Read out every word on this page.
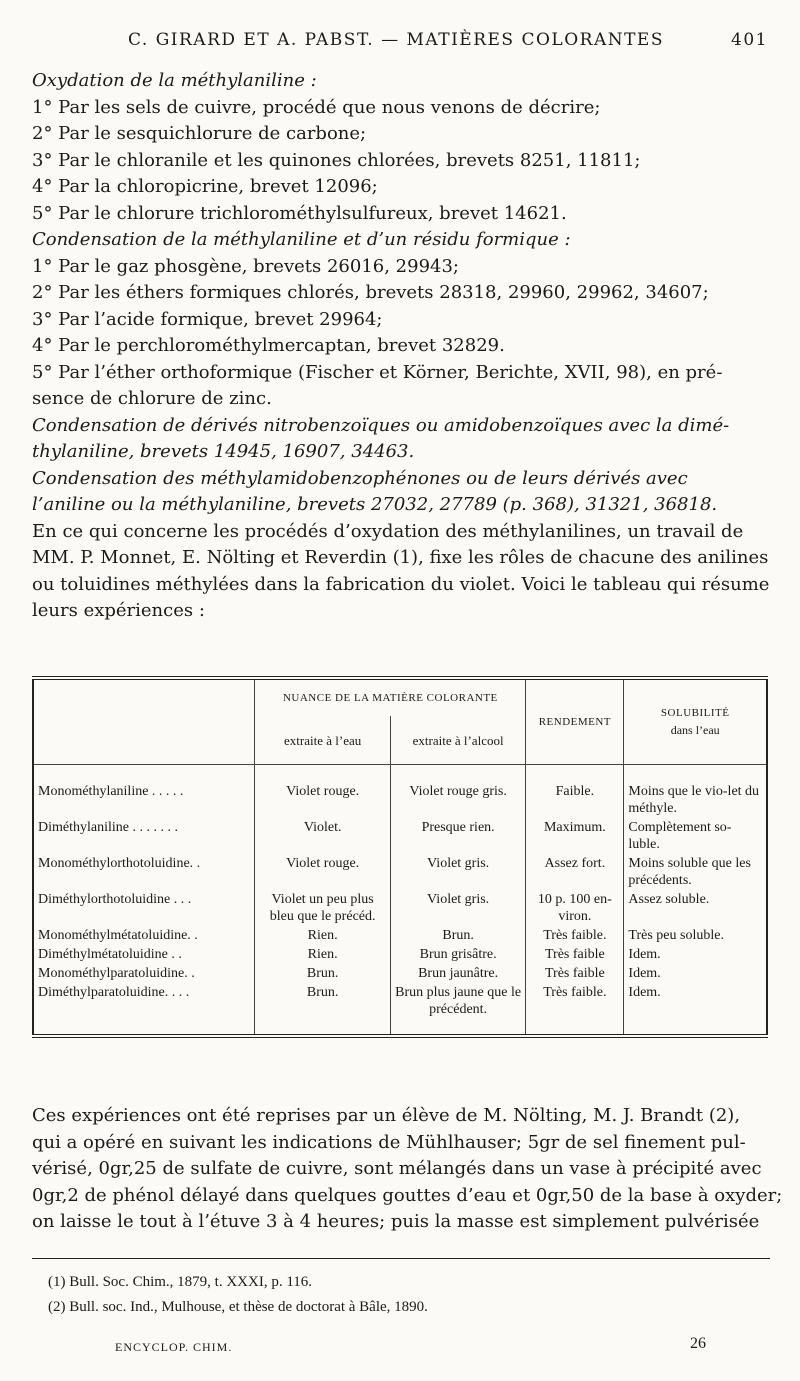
C. GIRARD ET A. PABST. — MATIÈRES COLORANTES	401
Oxydation de la méthylaniline :
1° Par les sels de cuivre, procédé que nous venons de décrire;
2° Par le sesquichlorure de carbone;
3° Par le chloranile et les quinones chlorées, brevets 8251, 11811;
4° Par la chloropicrine, brevet 12096;
5° Par le chlorure trichlorométhylsulfureux, brevet 14621.
Condensation de la méthylaniline et d’un résidu formique :
1° Par le gaz phosgène, brevets 26016, 29943;
2° Par les éthers formiques chlorés, brevets 28318, 29960, 29962, 34607;
3° Par l’acide formique, brevet 29964;
4° Par le perchlorométhylmercaptan, brevet 32829.
5° Par l’éther orthoformique (Fischer et Körner, Berichte, XVII, 98), en pré-
sence de chlorure de zinc.
Condensation de dérivés nitrobenzoïques ou amidobenzoïques avec la dimé-
thylaniline, brevets 14945, 16907, 34463.
Condensation des méthylamidobenzophénones ou de leurs dérivés avec
l’aniline ou la méthylaniline, brevets 27032, 27789 (p. 368), 31321, 36818.
En ce qui concerne les procédés d’oxydation des méthylanilines, un travail de
MM. P. Monnet, E. Nölting et Reverdin (1), fixe les rôles de chacune des anilines
ou toluidines méthylées dans la fabrication du violet. Voici le tableau qui résume
leurs expériences :
	NUANCE DE LA MATIÈRE COLORANTE		RENDEMENT	SOLUBILITÉ
dans l’eau
	extraite à l’eau	extraite à l’alcool		
Monométhylaniline . . . . .	Violet rouge.	Violet rouge gris.	Faible.	Moins que le vio-let du méthyle.
Diméthylaniline . . . . . . .	Violet.	Presque rien.	Maximum.	Complètement so-luble.
Monométhylorthotoluidine. .	Violet rouge.	Violet gris.	Assez fort.	Moins soluble que les précédents.
Diméthylorthotoluidine . . .	Violet un peu plus bleu que le précéd.	Violet gris.	10 p. 100 en-viron.	Assez soluble.
Monométhylmétatoluidine. .	Rien.	Brun.	Très faible.	Très peu soluble.
Diméthylmétatoluidine . .	Rien.	Brun grisâtre.	Très faible	Idem.
Monométhylparatoluidine. .	Brun.	Brun jaunâtre.	Très faible	Idem.
Diméthylparatoluidine. . . .	Brun.	Brun plus jaune que le précédent.	Très faible.	Idem.
Ces expériences ont été reprises par un élève de M. Nölting, M. J. Brandt (2),
qui a opéré en suivant les indications de Mühlhauser; 5gr de sel finement pul-
vérisé, 0gr,25 de sulfate de cuivre, sont mélangés dans un vase à précipité avec
0gr,2 de phénol délayé dans quelques gouttes d’eau et 0gr,50 de la base à oxyder;
on laisse le tout à l’étuve 3 à 4 heures; puis la masse est simplement pulvérisée
(1) Bull. Soc. Chim., 1879, t. XXXI, p. 116.
(2) Bull. soc. Ind., Mulhouse, et thèse de doctorat à Bâle, 1890.
ENCYCLOP. CHIM.	26
